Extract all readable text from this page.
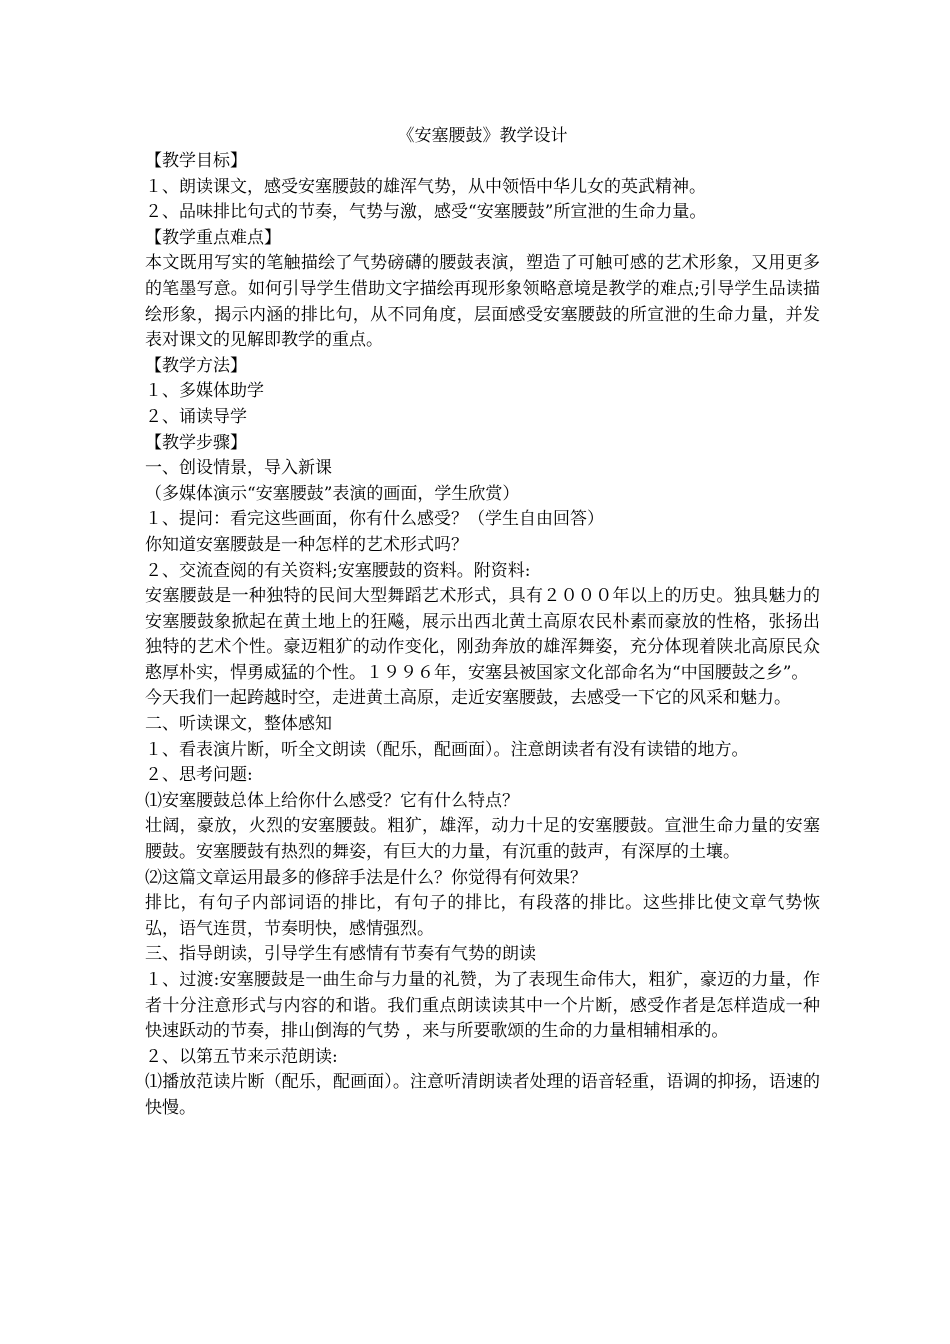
《安塞腰鼓》教学设计

【教学目标】

１、朗读课文，感受安塞腰鼓的雄浑气势，从中领悟中华儿女的英武精神。

２、品味排比句式的节奏，气势与激，感受“安塞腰鼓”所宣泄的生命力量。

【教学重点难点】

本文既用写实的笔触描绘了气势磅礴的腰鼓表演，塑造了可触可感的艺术形象，又用更多的笔墨写意。如何引导学生借助文字描绘再现形象领略意境是教学的难点;引导学生品读描绘形象，揭示内涵的排比句，从不同角度，层面感受安塞腰鼓的所宣泄的生命力量，并发表对课文的见解即教学的重点。

【教学方法】

１、多媒体助学

２、诵读导学

【教学步骤】

一、创设情景，导入新课

（多媒体演示“安塞腰鼓”表演的画面，学生欣赏）

１、提问：看完这些画面，你有什么感受？（学生自由回答）

你知道安塞腰鼓是一种怎样的艺术形式吗？

２、交流查阅的有关资料;安塞腰鼓的资料。附资料:

安塞腰鼓是一种独特的民间大型舞蹈艺术形式，具有２０００年以上的历史。独具魅力的安塞腰鼓象掀起在黄土地上的狂飚，展示出西北黄土高原农民朴素而豪放的性格，张扬出独特的艺术个性。豪迈粗犷的动作变化，刚劲奔放的雄浑舞姿，充分体现着陕北高原民众憨厚朴实，悍勇威猛的个性。１９９６年，安塞县被国家文化部命名为“中国腰鼓之乡”。

今天我们一起跨越时空，走进黄土高原，走近安塞腰鼓，去感受一下它的风采和魅力。

二、听读课文，整体感知

１、看表演片断，听全文朗读（配乐，配画面）。注意朗读者有没有读错的地方。

２、思考问题:

⑴安塞腰鼓总体上给你什么感受？它有什么特点？

壮阔，豪放，火烈的安塞腰鼓。粗犷，雄浑，动力十足的安塞腰鼓。宣泄生命力量的安塞腰鼓。安塞腰鼓有热烈的舞姿，有巨大的力量，有沉重的鼓声，有深厚的土壤。

⑵这篇文章运用最多的修辞手法是什么？你觉得有何效果？

排比，有句子内部词语的排比，有句子的排比，有段落的排比。这些排比使文章气势恢弘，语气连贯，节奏明快，感情强烈。

三、指导朗读，引导学生有感情有节奏有气势的朗读

１、过渡:安塞腰鼓是一曲生命与力量的礼赞，为了表现生命伟大，粗犷，豪迈的力量，作者十分注意形式与内容的和谐。我们重点朗读读其中一个片断，感受作者是怎样造成一种快速跃动的节奏，排山倒海的气势 ，来与所要歌颂的生命的力量相辅相承的。

２、以第五节来示范朗读:

⑴播放范读片断（配乐，配画面）。注意听清朗读者处理的语音轻重，语调的抑扬，语速的快慢。
